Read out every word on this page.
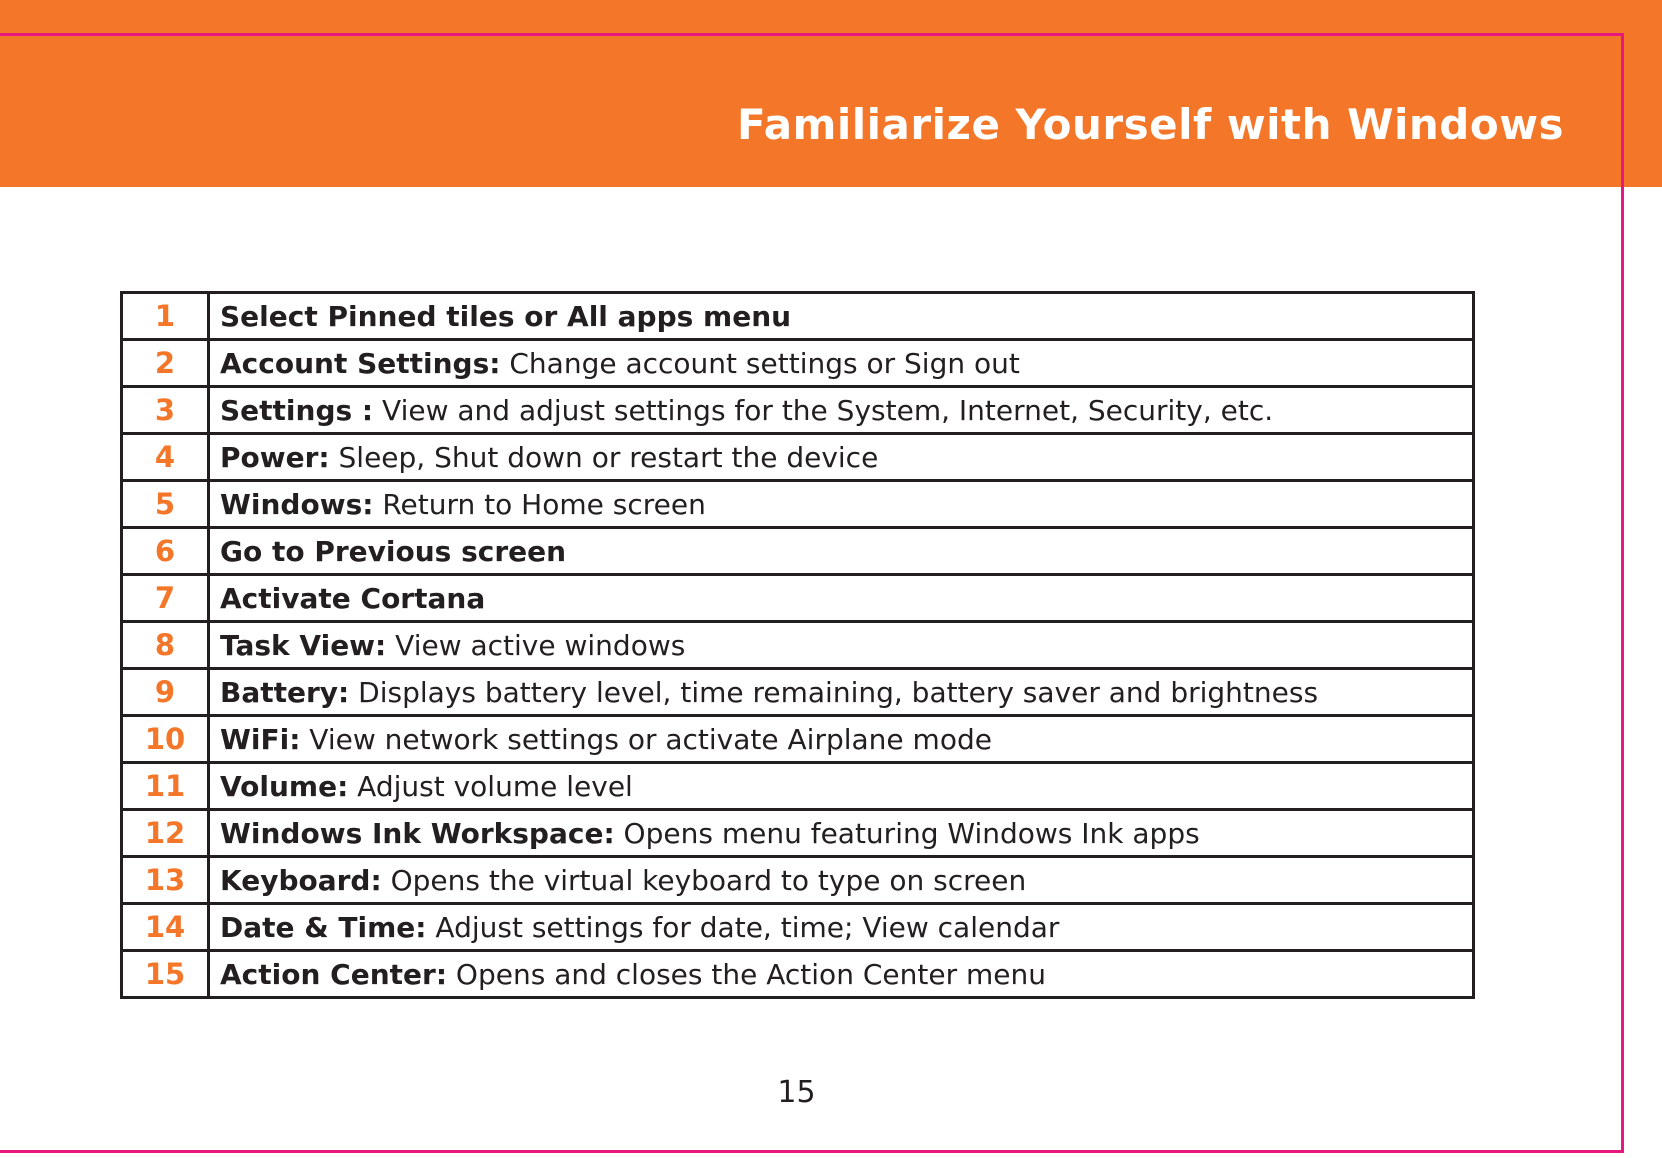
Familiarize Yourself with Windows
1	Select Pinned tiles or All apps menu
2	Account Settings: Change account settings or Sign out
3	Settings : View and adjust settings for the System, Internet, Security, etc.
4	Power: Sleep, Shut down or restart the device
5	Windows: Return to Home screen
6	Go to Previous screen
7	Activate Cortana
8	Task View: View active windows
9	Battery: Displays battery level, time remaining, battery saver and brightness
10	WiFi: View network settings or activate Airplane mode
11	Volume: Adjust volume level
12	Windows Ink Workspace: Opens menu featuring Windows Ink apps
13	Keyboard: Opens the virtual keyboard to type on screen
14	Date & Time: Adjust settings for date, time; View calendar
15	Action Center: Opens and closes the Action Center menu

15
